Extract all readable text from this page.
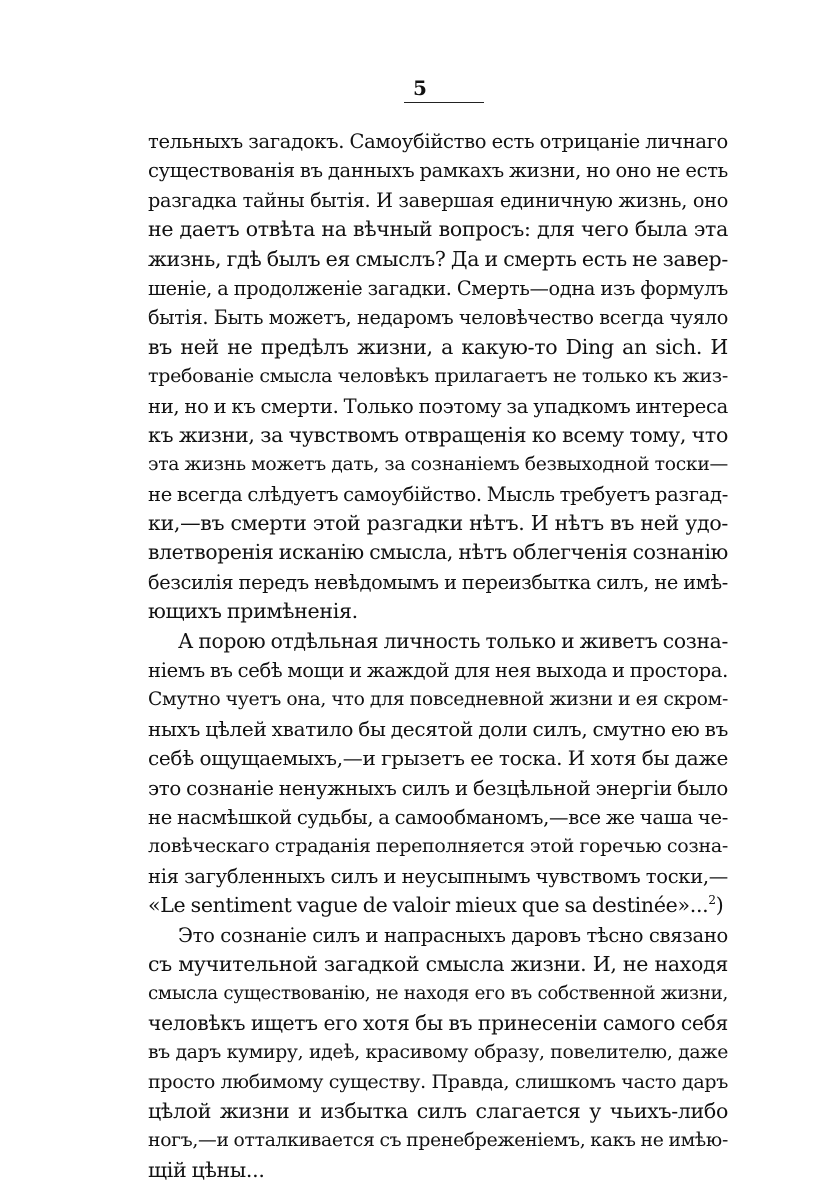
5
тельныхъ загадокъ. Самоубійство есть отрицаніе личнаго
существованія въ данныхъ рамкахъ жизни, но оно не есть
разгадка тайны бытія. И завершая единичную жизнь, оно
не даетъ отвѣта на вѣчный вопросъ: для чего была эта
жизнь, гдѣ былъ ея смыслъ? Да и смерть есть не завер-
шеніе, а продолженіе загадки. Смерть—одна изъ формулъ
бытія. Быть можетъ, недаромъ человѣчество всегда чуяло
въ ней не предѣлъ жизни, а какую-то Ding an sich. И
требованіе смысла человѣкъ прилагаетъ не только къ жиз-
ни, но и къ смерти. Только поэтому за упадкомъ интереса
къ жизни, за чувствомъ отвращенія ко всему тому, что
эта жизнь можетъ дать, за сознаніемъ безвыходной тоски—
не всегда слѣдуетъ самоубійство. Мысль требуетъ разгад-
ки,—въ смерти этой разгадки нѣтъ. И нѣтъ въ ней удо-
влетворенія исканію смысла, нѣтъ облегченія сознанію
безсилія передъ невѣдомымъ и переизбытка силъ, не имѣ-
ющихъ примѣненія.
А порою отдѣльная личность только и живетъ созна-
ніемъ въ себѣ мощи и жаждой для нея выхода и простора.
Смутно чуетъ она, что для повседневной жизни и ея скром-
ныхъ цѣлей хватило бы десятой доли силъ, смутно ею въ
себѣ ощущаемыхъ,—и грызетъ ее тоска. И хотя бы даже
это сознаніе ненужныхъ силъ и безцѣльной энергіи было
не насмѣшкой судьбы, а самообманомъ,—все же чаша че-
ловѣческаго страданія переполняется этой горечью созна-
нія загубленныхъ силъ и неусыпнымъ чувствомъ тоски,—
«Le sentiment vague de valoir mieux que sa destinée»...$^2$)
Это сознаніе силъ и напрасныхъ даровъ тѣсно связано
съ мучительной загадкой смысла жизни. И, не находя
смысла существованію, не находя его въ собственной жизни,
человѣкъ ищетъ его хотя бы въ принесеніи самого себя
въ даръ кумиру, идеѣ, красивому образу, повелителю, даже
просто любимому существу. Правда, слишкомъ часто даръ
цѣлой жизни и избытка силъ слагается у чьихъ-либо
ногъ,—и отталкивается съ пренебреженіемъ, какъ не имѣю-
щій цѣны...
